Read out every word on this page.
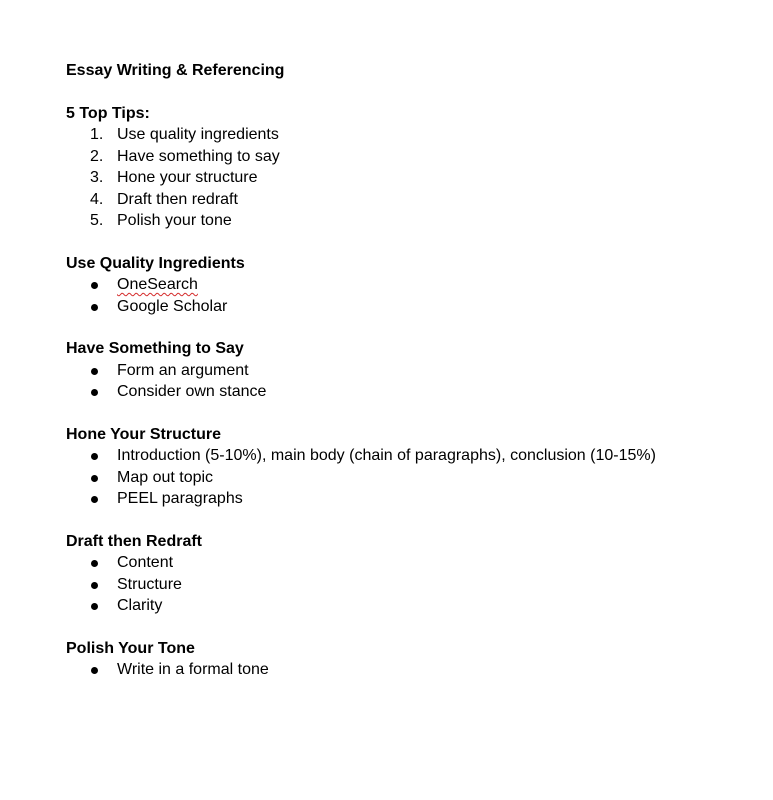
Essay Writing & Referencing
5 Top Tips:
1. Use quality ingredients
2. Have something to say
3. Hone your structure
4. Draft then redraft
5. Polish your tone
Use Quality Ingredients
OneSearch
Google Scholar
Have Something to Say
Form an argument
Consider own stance
Hone Your Structure
Introduction (5-10%), main body (chain of paragraphs), conclusion (10-15%)
Map out topic
PEEL paragraphs
Draft then Redraft
Content
Structure
Clarity
Polish Your Tone
Write in a formal tone
